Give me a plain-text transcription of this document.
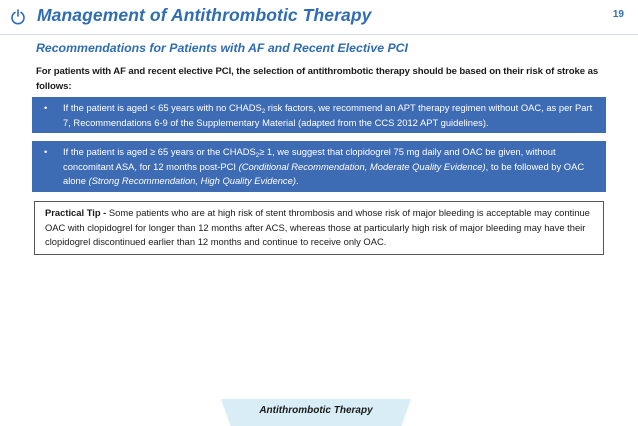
Management of Antithrombotic Therapy	19
Recommendations for Patients with AF and Recent Elective PCI
For patients with AF and recent elective PCI, the selection of antithrombotic therapy should be based on their risk of stroke as follows:
• If the patient is aged < 65 years with no $CHADS_2$ risk factors, we recommend an APT therapy regimen without OAC, as per Part 7, Recommendations 6-9 of the Supplementary Material (adapted from the CCS 2012 APT guidelines).
• If the patient is aged ≥ 65 years or the $CHADS_2\ge 1$, we suggest that clopidogrel 75 mg daily and OAC be given, without concomitant ASA, for 12 months post-PCI (Conditional Recommendation, Moderate Quality Evidence), to be followed by OAC alone (Strong Recommendation, High Quality Evidence).
Practical Tip - Some patients who are at high risk of stent thrombosis and whose risk of major bleeding is acceptable may continue OAC with clopidogrel for longer than 12 months after ACS, whereas those at particularly high risk of major bleeding may have their clopidogrel discontinued earlier than 12 months and continue to receive only OAC.
Antithrombotic Therapy
